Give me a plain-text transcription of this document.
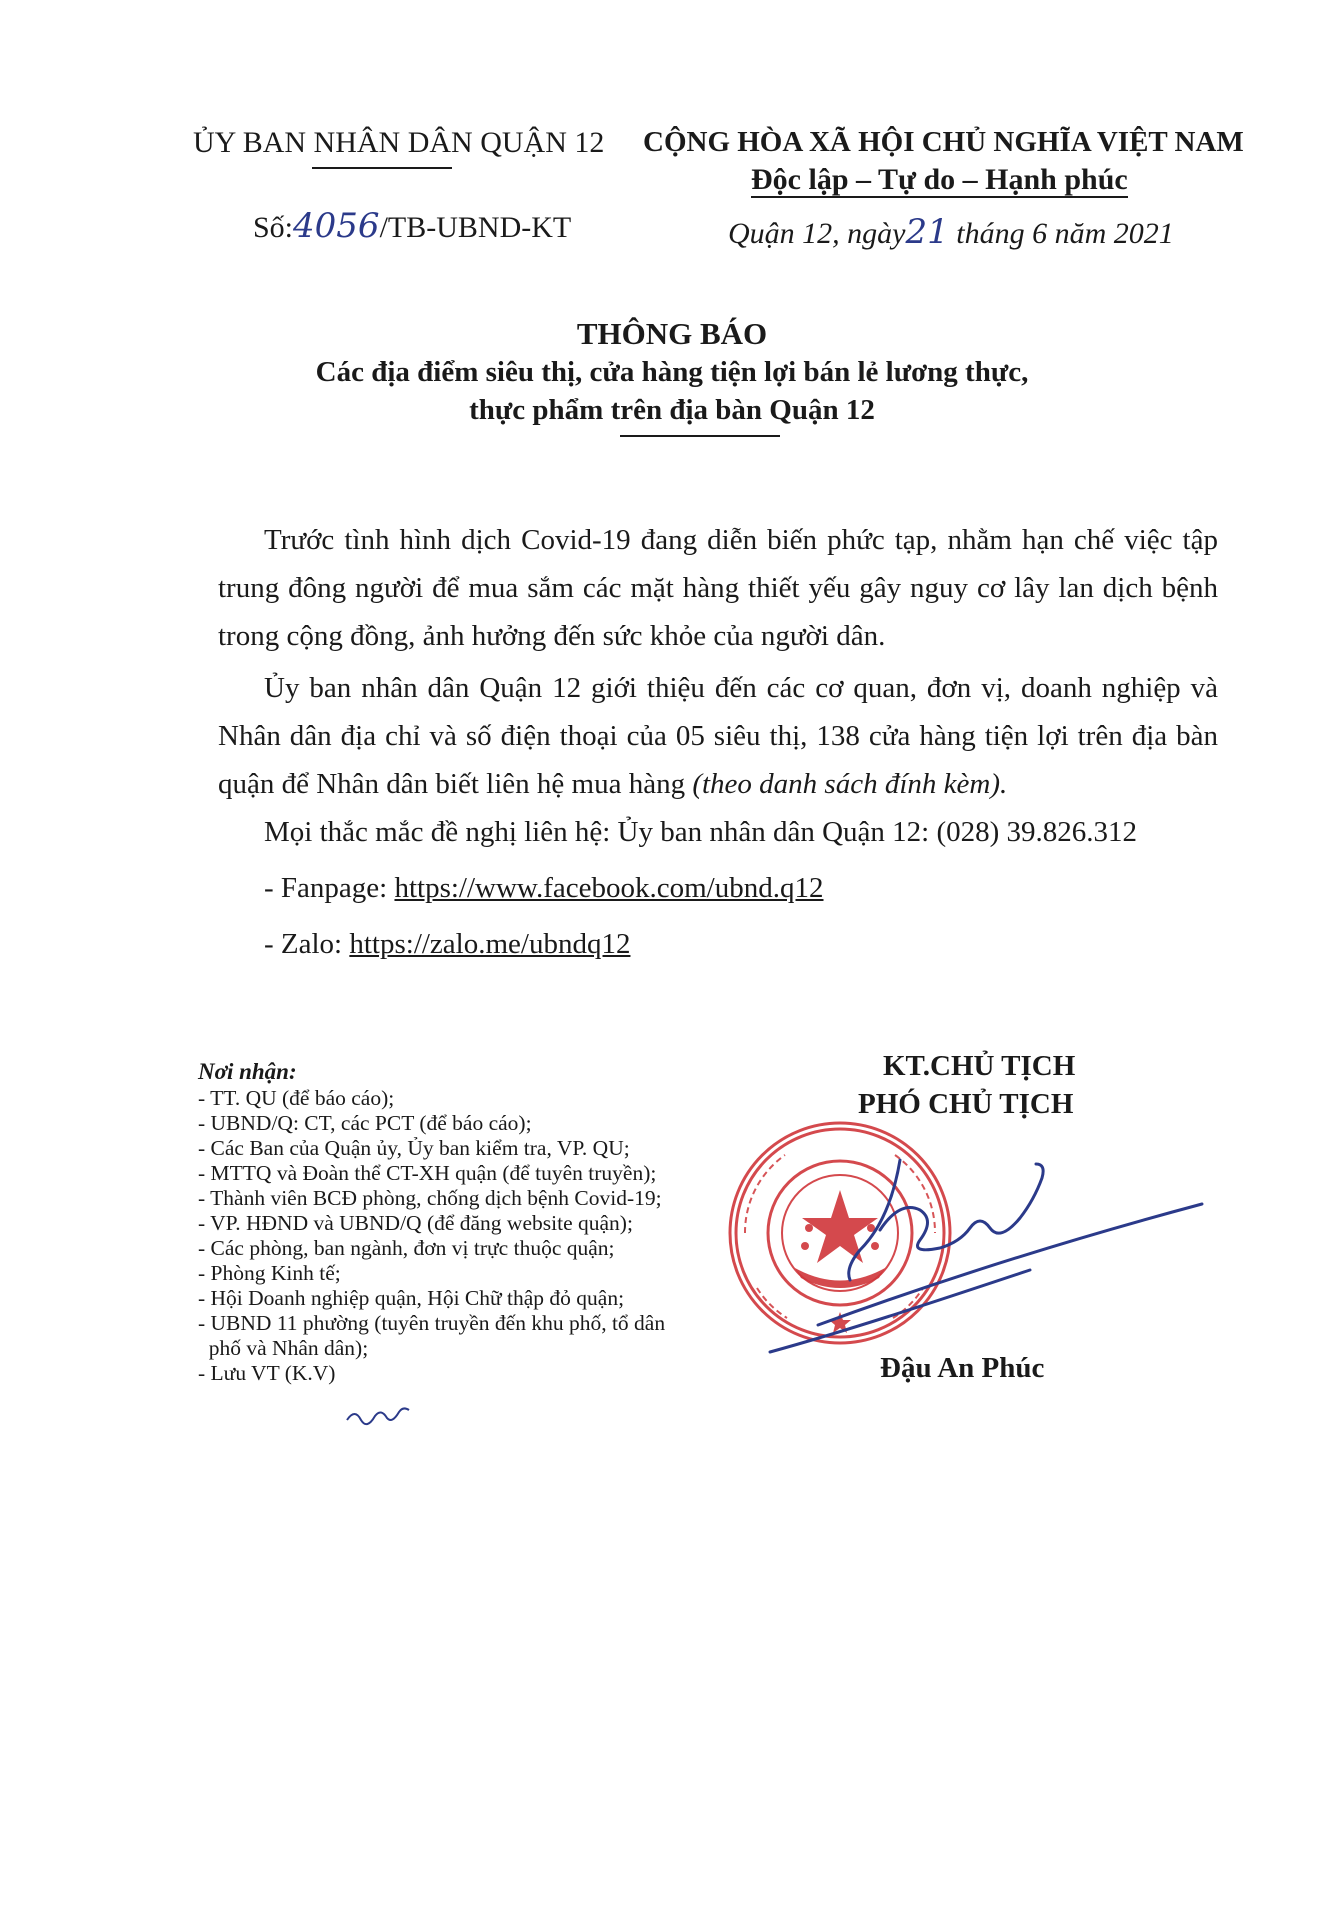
ỦY BAN NHÂN DÂN QUẬN 12
Số:4056/TB-UBND-KT
CỘNG HÒA XÃ HỘI CHỦ NGHĨA VIỆT NAM
Độc lập – Tự do – Hạnh phúc
Quận 12, ngày21 tháng 6 năm 2021
THÔNG BÁO
Các địa điểm siêu thị, cửa hàng tiện lợi bán lẻ lương thực,
thực phẩm trên địa bàn Quận 12
Trước tình hình dịch Covid-19 đang diễn biến phức tạp, nhằm hạn chế việc tập trung đông người để mua sắm các mặt hàng thiết yếu gây nguy cơ lây lan dịch bệnh trong cộng đồng, ảnh hưởng đến sức khỏe của người dân.
Ủy ban nhân dân Quận 12 giới thiệu đến các cơ quan, đơn vị, doanh nghiệp và Nhân dân địa chỉ và số điện thoại của 05 siêu thị, 138 cửa hàng tiện lợi trên địa bàn quận để Nhân dân biết liên hệ mua hàng (theo danh sách đính kèm).
Mọi thắc mắc đề nghị liên hệ: Ủy ban nhân dân Quận 12: (028) 39.826.312
- Fanpage: https://www.facebook.com/ubnd.q12
- Zalo: https://zalo.me/ubndq12
Nơi nhận:
- TT. QU (để báo cáo);
- UBND/Q: CT, các PCT (để báo cáo);
- Các Ban của Quận ủy, Ủy ban kiểm tra, VP. QU;
- MTTQ và Đoàn thể CT-XH quận (để tuyên truyền);
- Thành viên BCĐ phòng, chống dịch bệnh Covid-19;
- VP. HĐND và UBND/Q (để đăng website quận);
- Các phòng, ban ngành, đơn vị trực thuộc quận;
- Phòng Kinh tế;
- Hội Doanh nghiệp quận, Hội Chữ thập đỏ quận;
- UBND 11 phường (tuyên truyền đến khu phố, tổ dân
phố và Nhân dân);
- Lưu VT (K.V)
KT.CHỦ TỊCH
PHÓ CHỦ TỊCH
Đậu An Phúc
